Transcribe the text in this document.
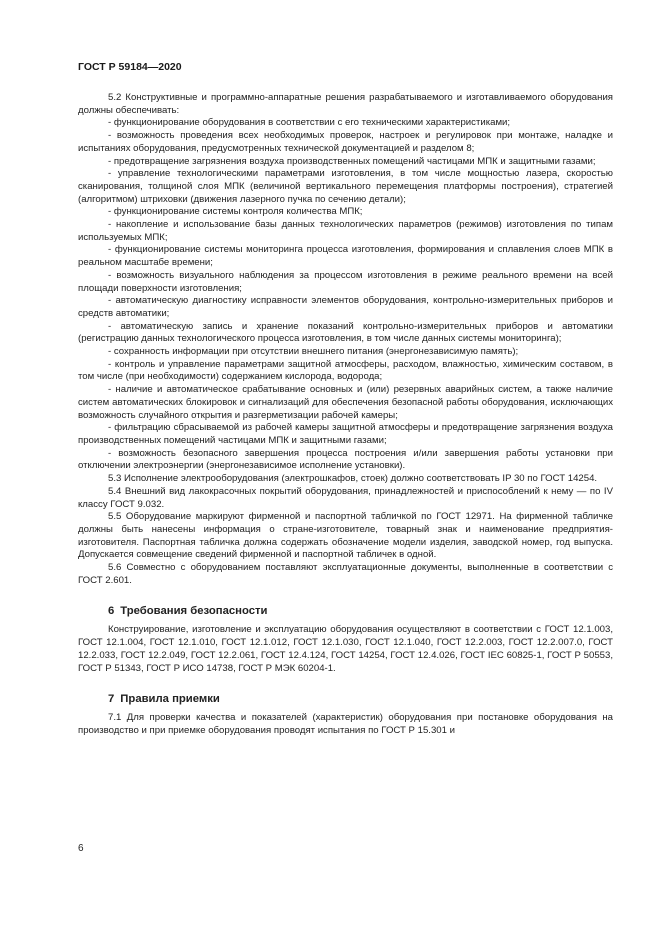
ГОСТ Р 59184—2020

5.2 Конструктивные и программно-аппаратные решения разрабатываемого и изготавливаемого оборудования должны обеспечивать:

- функционирование оборудования в соответствии с его техническими характеристиками;

- возможность проведения всех необходимых проверок, настроек и регулировок при монтаже, наладке и испытаниях оборудования, предусмотренных технической документацией и разделом 8;

- предотвращение загрязнения воздуха производственных помещений частицами МПК и защитными газами;

- управление технологическими параметрами изготовления, в том числе мощностью лазера, скоростью сканирования, толщиной слоя МПК (величиной вертикального перемещения платформы построения), стратегией (алгоритмом) штриховки (движения лазерного пучка по сечению детали);

- функционирование системы контроля количества МПК;

- накопление и использование базы данных технологических параметров (режимов) изготовления по типам используемых МПК;

- функционирование системы мониторинга процесса изготовления, формирования и сплавления слоев МПК в реальном масштабе времени;

- возможность визуального наблюдения за процессом изготовления в режиме реального времени на всей площади поверхности изготовления;

- автоматическую диагностику исправности элементов оборудования, контрольно-измерительных приборов и средств автоматики;

- автоматическую запись и хранение показаний контрольно-измерительных приборов и автоматики (регистрацию данных технологического процесса изготовления, в том числе данных системы мониторинга);

- сохранность информации при отсутствии внешнего питания (энергонезависимую память);

- контроль и управление параметрами защитной атмосферы, расходом, влажностью, химическим составом, в том числе (при необходимости) содержанием кислорода, водорода;

- наличие и автоматическое срабатывание основных и (или) резервных аварийных систем, а также наличие систем автоматических блокировок и сигнализаций для обеспечения безопасной работы оборудования, исключающих возможность случайного открытия и разгерметизации рабочей камеры;

- фильтрацию сбрасываемой из рабочей камеры защитной атмосферы и предотвращение загрязнения воздуха производственных помещений частицами МПК и защитными газами;

- возможность безопасного завершения процесса построения и/или завершения работы установки при отключении электроэнергии (энергонезависимое исполнение установки).

5.3 Исполнение электрооборудования (электрошкафов, стоек) должно соответствовать IP 30 по ГОСТ 14254.

5.4 Внешний вид лакокрасочных покрытий оборудования, принадлежностей и приспособлений к нему — по IV классу ГОСТ 9.032.

5.5 Оборудование маркируют фирменной и паспортной табличкой по ГОСТ 12971. На фирменной табличке должны быть нанесены информация о стране-изготовителе, товарный знак и наименование предприятия-изготовителя. Паспортная табличка должна содержать обозначение модели изделия, заводской номер, год выпуска. Допускается совмещение сведений фирменной и паспортной табличек в одной.

5.6 Совместно с оборудованием поставляют эксплуатационные документы, выполненные в соответствии с ГОСТ 2.601.

6 Требования безопасности

Конструирование, изготовление и эксплуатацию оборудования осуществляют в соответствии с ГОСТ 12.1.003, ГОСТ 12.1.004, ГОСТ 12.1.010, ГОСТ 12.1.012, ГОСТ 12.1.030, ГОСТ 12.1.040, ГОСТ 12.2.003, ГОСТ 12.2.007.0, ГОСТ 12.2.033, ГОСТ 12.2.049, ГОСТ 12.2.061, ГОСТ 12.4.124, ГОСТ 14254, ГОСТ 12.4.026, ГОСТ IEC 60825-1, ГОСТ Р 50553, ГОСТ Р 51343, ГОСТ Р ИСО 14738, ГОСТ Р МЭК 60204-1.

7 Правила приемки

7.1 Для проверки качества и показателей (характеристик) оборудования при постановке оборудования на производство и при приемке оборудования проводят испытания по ГОСТ Р 15.301 и

6
